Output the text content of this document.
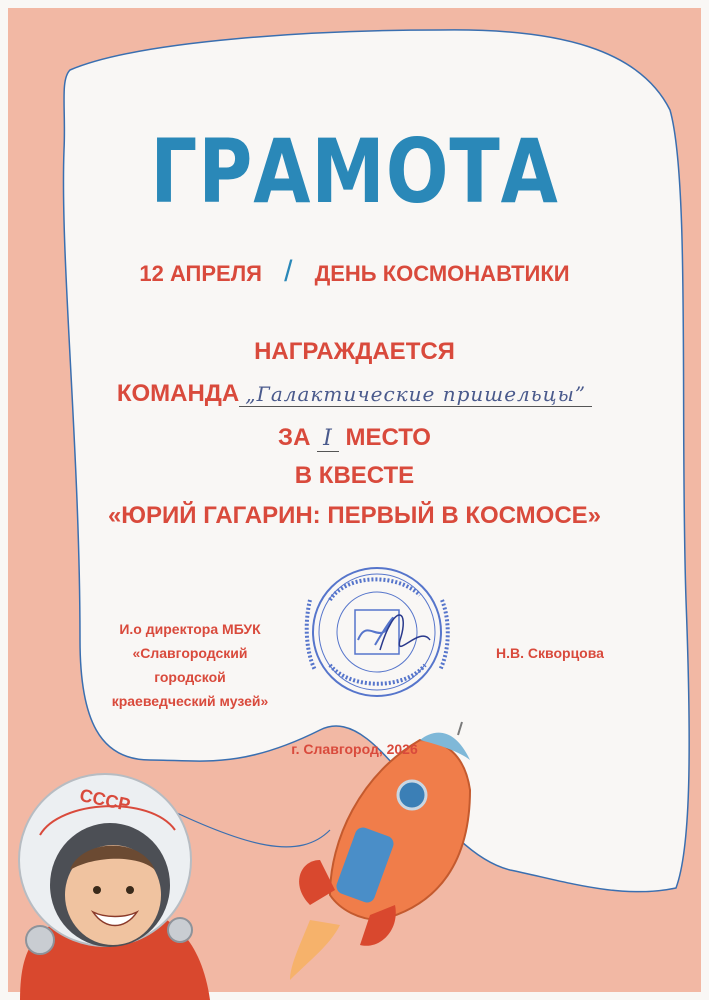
ГРАМОТА
12 АПРЕЛЯ / ДЕНЬ КОСМОНАВТИКИ
НАГРАЖДАЕТСЯ
КОМАНДА „Галактические пришельцы”
ЗА I МЕСТО
В КВЕСТЕ
«ЮРИЙ ГАГАРИН: ПЕРВЫЙ В КОСМОСЕ»
И.о директора МБУК
«Славгородский городской
краеведческий музей»
Н.В. Скворцова
г. Славгород, 2026
СССР
